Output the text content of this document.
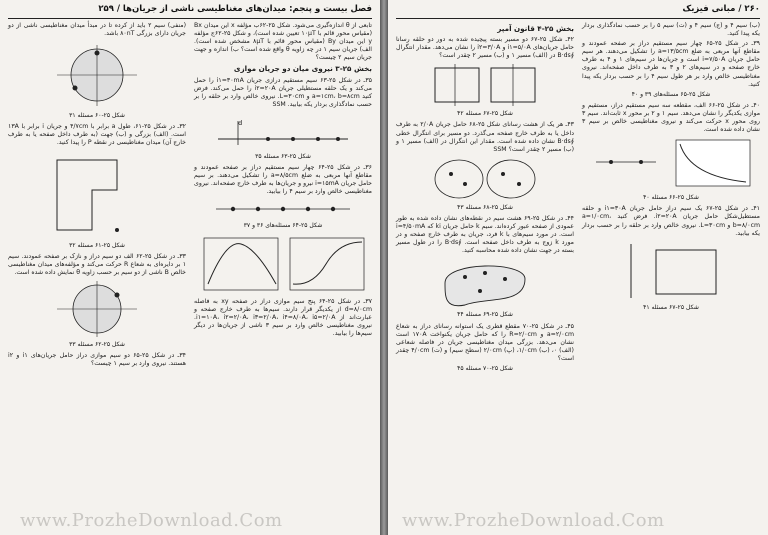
فصل بیست و پنجم: میدان‌های مغناطیسی ناشی از جریان‌ها / ۲۵۹
تابعی از θ اندازه‌گیری می‌شود. شکل ۲۵-۶۲ب مؤلفه x این میدان Bx (مقیاس محور قائم با ۱۰μT تعیین شده است)، و شکل ۲۵-۶۲ج مؤلفه y این میدان By (مقیاس محور قائم با ۸μT مشخص شده است). الف) جریان سیم ۱ در چه زاویه θ واقع شده است؟ ب) اندازه و جهت جریان سیم ۲ چیست؟
بخش ۲۵-۳ نیروی میان دو جریان موازی
۳۵ـ در شکل ۲۵-۶۳ سیم مستقیم درازی جریان i۱=۳۰mA را حمل می‌کند و یک حلقه مستطیلی جریان i۲=۲۰A را حمل می‌کند. فرض کنید a=۱cm، b=۸cm و L=۳۰cm. نیروی خالص وارد بر حلقه را بر حسب نمادگذاری بردار یکه بیابید. SSM
d
شکل ۲۵-۶۳ مسئله ۳۵
۳۶ـ در شکل ۲۵-۶۴ چهار سیم مستقیم دراز بر صفحه عمودند و مقاطع آنها مربعی به ضلع a=۸/۵cm را تشکیل می‌دهند. بر سیم حامل جریان i=۱۵mA نیرو و جریان‌ها به طرف خارج صفحه‌اند. نیروی مغناطیسی خالص وارد بر سیم ۴ را بیابید.
شکل ۲۵-۶۴ مسئله‌های ۳۶ و ۳۷
۳۷ـ در شکل ۲۵-۶۴ پنج سیم موازی دراز در صفحه xy به فاصله d=۸/۰cm از یکدیگر قرار دارند. سیم‌ها به طرف خارج صفحه و عبارت‌اند از i۱=۱۰A، i۲=۲/۰A، i۳=۲/۰A، i۴=۸/۰A، i۵=۲/۰A. نیروی مغناطیسی خالص وارد بر سیم ۳ ناشی از جریان‌ها در دیگر سیم‌ها را بیابید.
(منفی) سیم ۲ باید از کرده تا در مبدأ میدان مغناطیسی ناشی از دو جریان دارای بزرگی ۸۰nT باشد.
شکل ۲۵-۶۰ مسئله ۳۱
۳۲ـ در شکل ۲۵-۶۱، طول a برابر با ۴/۷cm و جریان i برابر با ۱۳A است. (الف) بزرگی و (ب) جهت (به طرف داخل صفحه یا به طرف خارج آن) میدان مغناطیسی در نقطه P را پیدا کنید.
شکل ۲۵-۶۱ مسئله ۳۲
۳۳ـ در شکل ۲۵-۶۲ الف دو سیم دراز و نازک بر صفحه عمودند. سیم ۱ بر دایره‌ای به شعاع R حرکت می‌کند و مؤلفه‌های میدان مغناطیسی خالص B ناشی از دو سیم بر حسب زاویه θ نمایش داده شده است.
شکل ۲۵-۶۲ مسئله ۳۳
۳۴ـ در شکل ۲۵-۶۵ دو سیم موازی دراز حامل جریان‌های i۱ و i۲ هستند. نیروی وارد بر سیم ۱ چیست؟
www.ProzheDownload.Com
۲۶۰ / مبانی فیزیک
(ب) سیم ۴ و (ج) سیم ۴ و (ت) سیم ۵ را بر حسب نمادگذاری بردار یکه پیدا کنید.
۳۹ـ در شکل ۲۵-۶۵ چهار سیم مستقیم دراز بر صفحه عمودند و مقاطع آنها مربعی به ضلع a=۱۳/۵cm را تشکیل می‌دهند. هر سیم حامل جریان i=۷/۵۰A است و جریان‌ها در سیم‌های ۱ و ۴ به طرف خارج صفحه و در سیم‌های ۲ و ۳ به طرف داخل صفحه‌اند. نیروی مغناطیسی خالص وارد بر هر طول سیم ۴ را بر حسب بردار یکه پیدا کنید.
شکل ۲۵-۶۵ مسئله‌های ۳۹ و ۴۰
۴۰ـ در شکل ۲۵-۶۶ الف، مقطعه سه سیم مستقیم دراز، مستقیم و موازی یکدیگر را نشان می‌دهد. سیم ۱ و ۲ بر محور x ثابت‌اند. سیم ۳ روی محور x حرکت می‌کند و نیروی مغناطیسی خالص بر سیم ۳ نشان داده شده است.
شکل ۲۵-۶۶ مسئله ۴۰
۴۱ـ در شکل ۲۵-۶۷ یک سیم دراز حامل جریان i۱=۳۰A و حلقه مستطیل‌شکل حامل جریان i۲=۲۰A. فرض کنید a=۱/۰cm، b=۸/۰cm و L=۳۰cm. نیروی خالص وارد بر حلقه را بر حسب بردار یکه بیابید.
شکل ۲۵-۶۷ مسئله ۴۱
بخش ۲۵-۴ قانون آمپر
۴۲ـ شکل ۲۵-۶۷ دو مسیر بسته پیچیده شده به دور دو حلقه رسانا حامل جریان‌های i۱=۵/۰A و i۲=۳/۰A را نشان می‌دهد. مقدار انتگرال ∮B·ds در (الف) مسیر ۱ و (ب) مسیر ۲ چقدر است؟
شکل ۲۵-۶۷ مسئله ۴۲
۴۳ـ هر یک از هشت رسانای شکل ۲۵-۶۸ حامل جریان ۲/۰A به طرف داخل یا به طرف خارج صفحه می‌گذرد. دو مسیر برای انتگرال خطی ∮B·ds نشان داده شده است. مقدار این انتگرال در (الف) مسیر ۱ و (ب) مسیر ۲ چقدر است؟ SSM
شکل ۲۵-۶۸ مسئله ۴۳
۴۴ـ در شکل ۲۵-۶۹ هشت سیم در نقطه‌های نشان داده شده به طور عمودی از صفحه عبور کرده‌اند. سیم k حامل جریان ki که i=۴/۵۰mA است. در مورد سیم‌های با k فرد، جریان به طرف خارج صفحه و در مورد k زوج به طرف داخل صفحه است. ∮B·ds را در طول مسیر بسته در جهت نشان داده شده محاسبه کنید.
شکل ۲۵-۶۹ مسئله ۴۴
۴۵ـ در شکل ۲۵-۷۰ مقطع قطری یک استوانه رسانای دراز به شعاع a=۲/۰cm و R=۲/۰cm را که حامل جریان یکنواخت ۱۷۰A است نشان می‌دهد. بزرگی میدان مغناطیسی جریان در فاصله شعاعی (الف) ۰، (ب) ۱/۰cm، (پ) ۲/۰cm (سطح سیم) و (ت) ۴/۰cm چقدر است؟
شکل ۲۵-۷۰ مسئله ۴۵
www.ProzheDownload.Com
